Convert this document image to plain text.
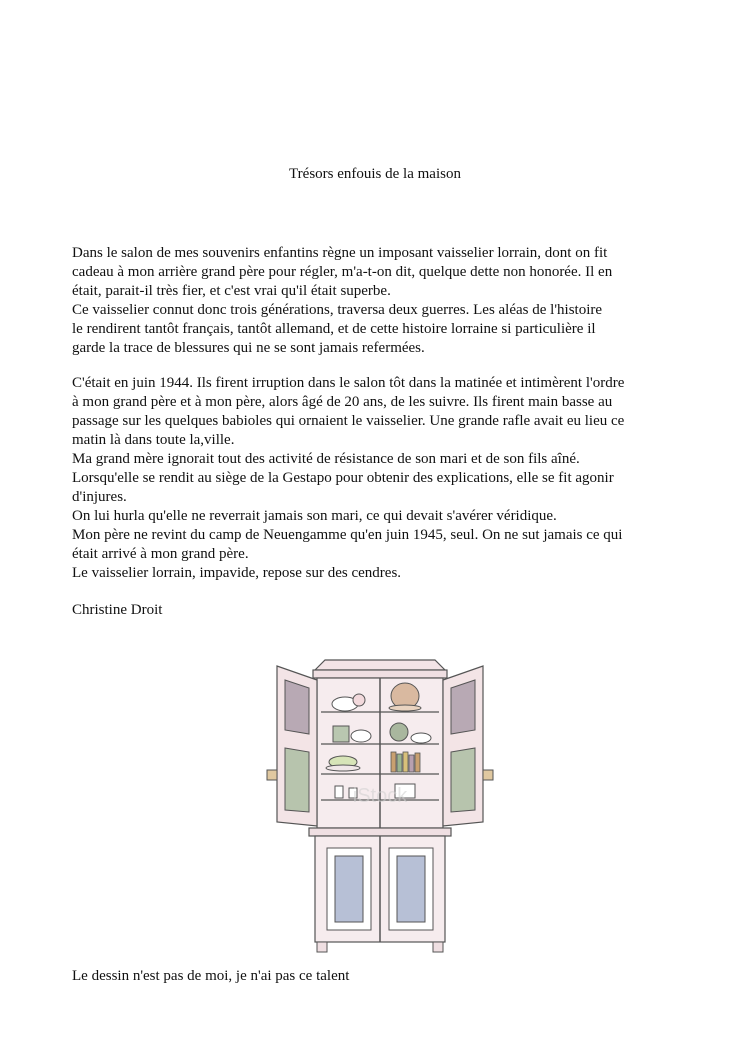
Trésors enfouis de la maison
Dans le salon de mes souvenirs enfantins règne un imposant vaisselier lorrain, dont on fit
cadeau à mon arrière grand père pour régler, m'a-t-on dit, quelque dette non honorée. Il en
était, parait-il très fier, et c'est vrai qu'il était superbe.
Ce vaisselier connut donc trois générations, traversa deux guerres. Les aléas de l'histoire
le rendirent tantôt français, tantôt allemand, et de cette histoire lorraine si particulière il
garde la trace de blessures qui ne se sont jamais refermées.
C'était en juin 1944. Ils firent irruption dans le salon tôt dans la matinée et intimèrent l'ordre
à mon grand père et à mon père, alors âgé de 20 ans, de les suivre. Ils firent main basse au
passage sur les quelques babioles qui ornaient le vaisselier. Une grande rafle avait eu lieu ce
matin là dans toute la,ville.
Ma grand mère ignorait tout des activité de résistance de son mari et de son fils aîné.
Lorsqu'elle se rendit au siège de la Gestapo pour obtenir des explications, elle se fit agonir
d'injures.
On lui hurla qu'elle ne reverrait jamais son mari, ce qui devait s'avérer véridique.
Mon père ne revint du camp de Neuengamme qu'en juin 1945, seul. On ne sut jamais ce qui
était arrivé à mon grand père.
Le vaisselier lorrain, impavide, repose sur des cendres.
Christine Droit
iStock
Le dessin n'est pas de moi, je n'ai pas ce talent
